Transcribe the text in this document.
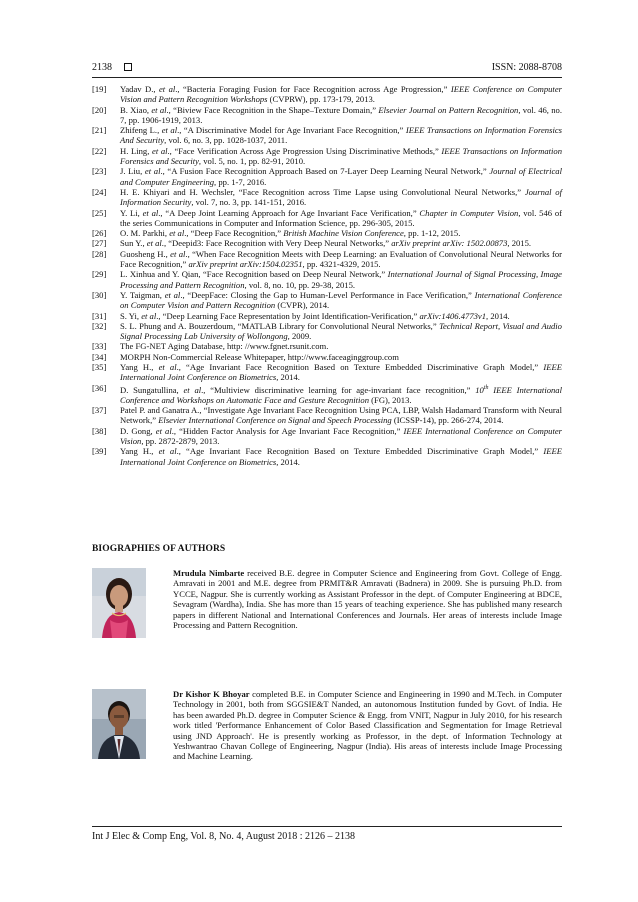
2138	ISSN: 2088-8708
[19]	Yadav D., et al., “Bacteria Foraging Fusion for Face Recognition across Age Progression,” IEEE Conference on Computer Vision and Pattern Recognition Workshops (CVPRW), pp. 173-179, 2013.
[20]	B. Xiao, et al., “Biview Face Recognition in the Shape–Texture Domain,” Elsevier Journal on Pattern Recognition, vol. 46, no. 7, pp. 1906-1919, 2013.
[21]	Zhifeng L., et al., “A Discriminative Model for Age Invariant Face Recognition,” IEEE Transactions on Information Forensics And Security, vol. 6, no. 3, pp. 1028-1037, 2011.
[22]	H. Ling, et al., “Face Verification Across Age Progression Using Discriminative Methods,” IEEE Transactions on Information Forensics and Security, vol. 5, no. 1, pp. 82-91, 2010.
[23]	J. Liu, et al., “A Fusion Face Recognition Approach Based on 7-Layer Deep Learning Neural Network,” Journal of Electrical and Computer Engineering, pp. 1-7, 2016.
[24]	H. E. Khiyari and H. Wechsler, “Face Recognition across Time Lapse using Convolutional Neural Networks,” Journal of Information Security, vol. 7, no. 3, pp. 141-151, 2016.
[25]	Y. Li, et al., “A Deep Joint Learning Approach for Age Invariant Face Verification,” Chapter in Computer Vision, vol. 546 of the series Communications in Computer and Information Science, pp. 296-305, 2015.
[26]	O. M. Parkhi, et al., “Deep Face Recognition,” British Machine Vision Conference, pp. 1-12, 2015.
[27]	Sun Y., et al., “Deepid3: Face Recognition with Very Deep Neural Networks,” arXiv preprint arXiv: 1502.00873, 2015.
[28]	Guosheng H., et al., “When Face Recognition Meets with Deep Learning: an Evaluation of Convolutional Neural Networks for Face Recognition,” arXiv preprint arXiv:1504.02351, pp. 4321-4329, 2015.
[29]	L. Xinhua and Y. Qian, “Face Recognition based on Deep Neural Network,” International Journal of Signal Processing, Image Processing and Pattern Recognition, vol. 8, no. 10, pp. 29-38, 2015.
[30]	Y. Taigman, et al., “DeepFace: Closing the Gap to Human-Level Performance in Face Verification,” International Conference on Computer Vision and Pattern Recognition (CVPR), 2014.
[31]	S. Yi, et al., “Deep Learning Face Representation by Joint Identification-Verification,” arXiv:1406.4773v1, 2014.
[32]	S. L. Phung and A. Bouzerdoum, “MATLAB Library for Convolutional Neural Networks,” Technical Report, Visual and Audio Signal Processing Lab University of Wollongong, 2009.
[33]	The FG-NET Aging Database, http: //www.fgnet.rsunit.com.
[34]	MORPH Non-Commercial Release Whitepaper, http://www.faceaginggroup.com
[35]	Yang H., et al., “Age Invariant Face Recognition Based on Texture Embedded Discriminative Graph Model,” IEEE International Joint Conference on Biometrics, 2014.
[36]	D. Sungatullina, et al., “Multiview discriminative learning for age-invariant face recognition,” 10th IEEE International Conference and Workshops on Automatic Face and Gesture Recognition (FG), 2013.
[37]	Patel P. and Ganatra A., “Investigate Age Invariant Face Recognition Using PCA, LBP, Walsh Hadamard Transform with Neural Network,” Elsevier International Conference on Signal and Speech Processing (ICSSP-14), pp. 266-274, 2014.
[38]	D. Gong, et al., “Hidden Factor Analysis for Age Invariant Face Recognition,” IEEE International Conference on Computer Vision, pp. 2872-2879, 2013.
[39]	Yang H., et al., “Age Invariant Face Recognition Based on Texture Embedded Discriminative Graph Model,” IEEE International Joint Conference on Biometrics, 2014.
BIOGRAPHIES OF AUTHORS
Mrudula Nimbarte received B.E. degree in Computer Science and Engineering from Govt. College of Engg. Amravati in 2001 and M.E. degree from PRMIT&R Amravati (Badnera) in 2009. She is pursuing Ph.D. from YCCE, Nagpur. She is currently working as Assistant Professor in the dept. of Computer Engineering at BDCE, Sevagram (Wardha), India. She has more than 15 years of teaching experience. She has published many research papers in different National and International Conferences and Journals. Her areas of interests include Image Processing and Pattern Recognition.
Dr Kishor K Bhoyar completed B.E. in Computer Science and Engineering in 1990 and M.Tech. in Computer Technology in 2001, both from SGGSIE&T Nanded, an autonomous Institution funded by Govt. of India. He has been awarded Ph.D. degree in Computer Science & Engg. from VNIT, Nagpur in July 2010, for his research work titled 'Performance Enhancement of Color Based Classification and Segmentation for Image Retrieval using JND Approach'. He is presently working as Professor, in the dept. of Information Technology at Yeshwantrao Chavan College of Engineering, Nagpur (India). His areas of interests include Image Processing and Machine Learning.
Int J Elec & Comp Eng, Vol. 8, No. 4, August 2018 : 2126 – 2138
